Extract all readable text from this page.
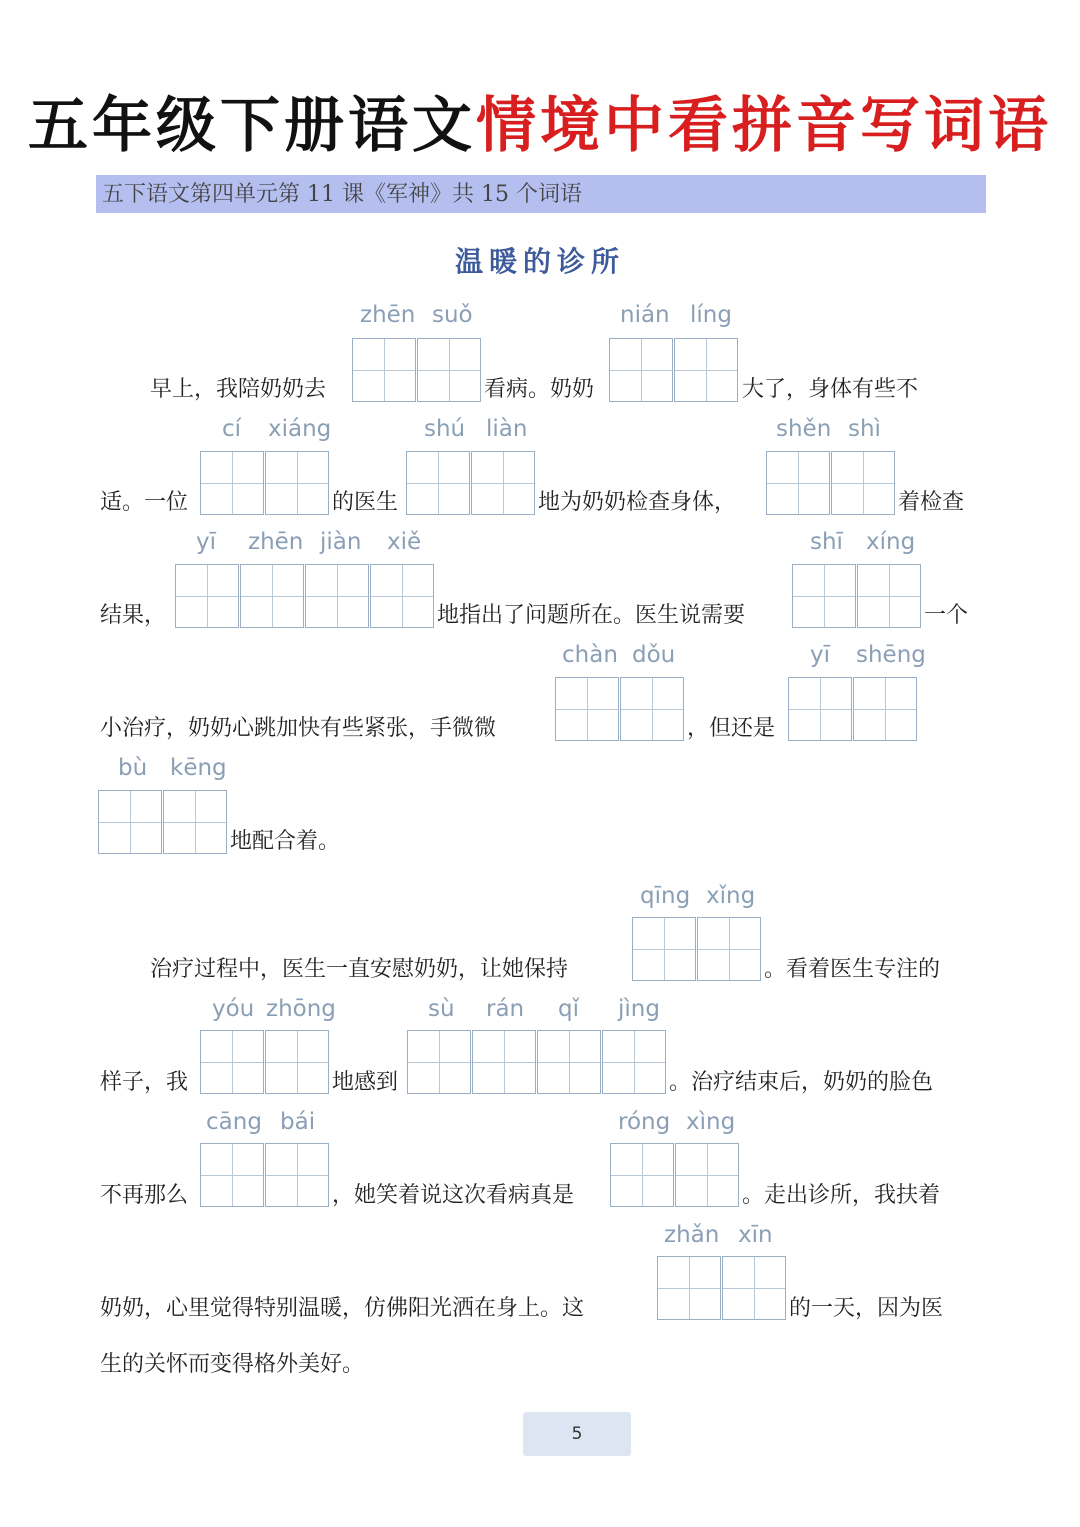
五年级下册语文情境中看拼音写词语
五下语文第四单元第 11 课《军神》共 15 个词语
温暖的诊所
zhēn suǒ	nián líng
早上，我陪奶奶去	看病。奶奶	大了，身体有些不
cí xiáng	shú liàn	shěn shì
适。一位	的医生	地为奶奶检查身体，	着检查
yī zhēn jiàn xiě	shī xíng
结果，	地指出了问题所在。医生说需要	一个
chàn dǒu	yī shēng
小治疗，奶奶心跳加快有些紧张，手微微	，但还是
bù kēng
地配合着。
qīng xǐng
治疗过程中，医生一直安慰奶奶，让她保持	。看着医生专注的
yóu zhōng	sù rán qǐ jìng
样子，我	地感到	。治疗结束后，奶奶的脸色
cāng bái	róng xìng
不再那么	，她笑着说这次看病真是	。走出诊所，我扶着
zhǎn xīn
奶奶，心里觉得特别温暖，仿佛阳光洒在身上。这	的一天，因为医
生的关怀而变得格外美好。
5
